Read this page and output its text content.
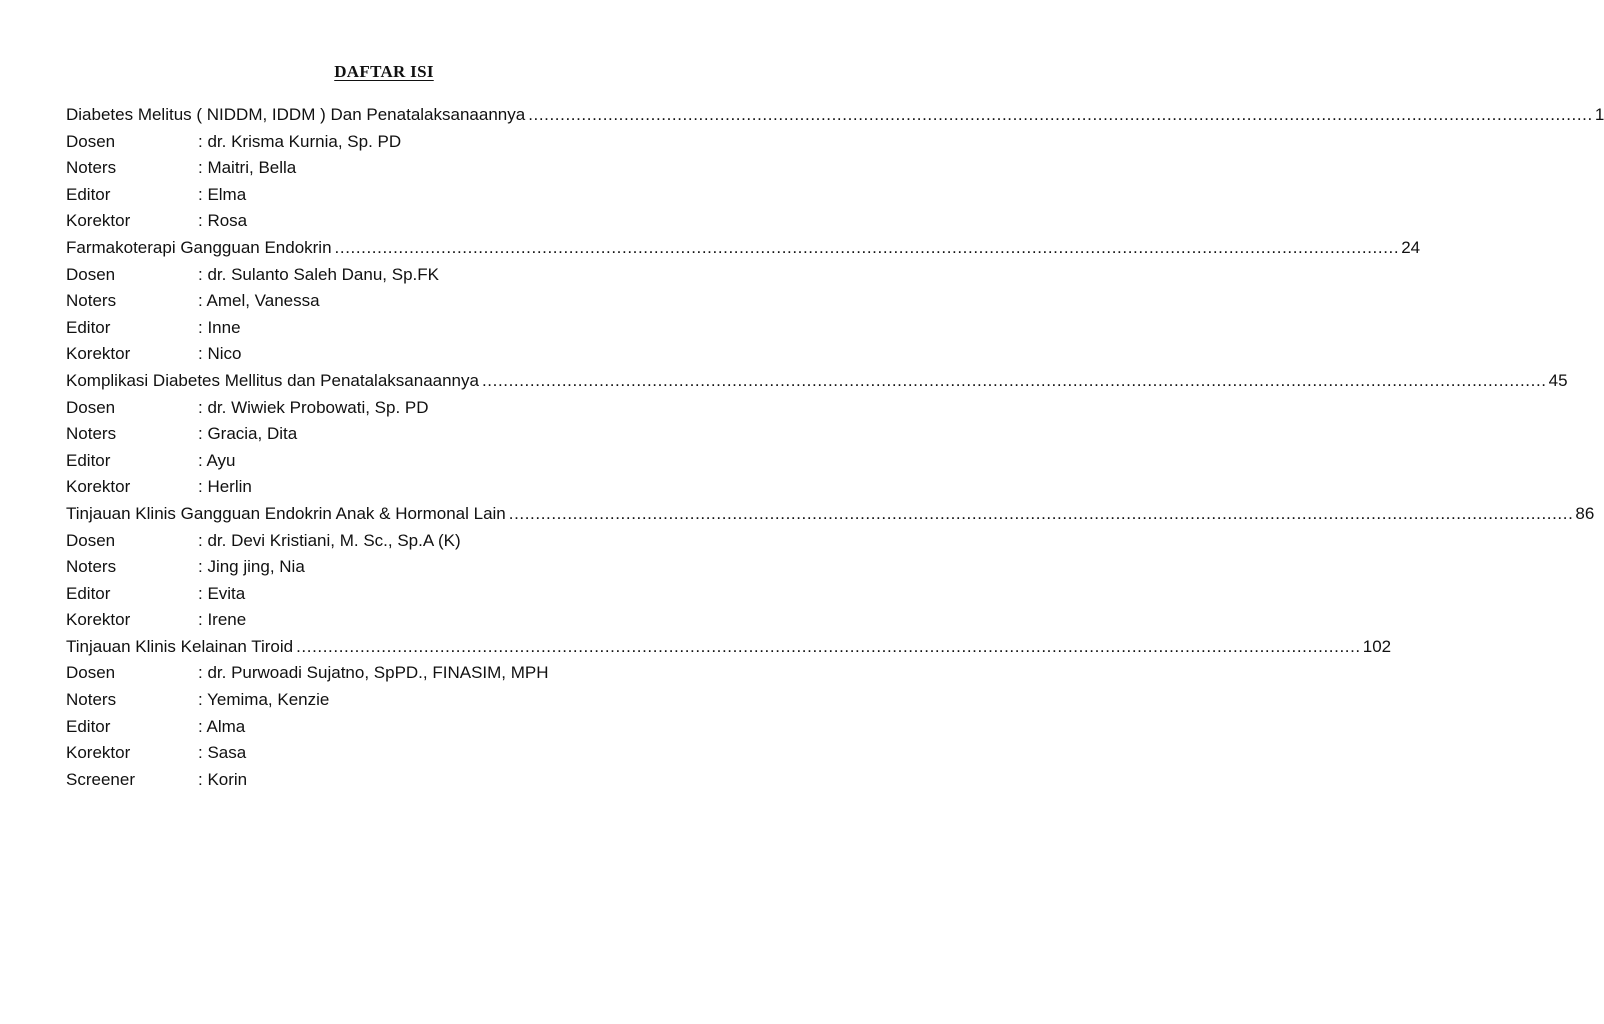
DAFTAR ISI
Diabetes Melitus ( NIDDM, IDDM ) Dan Penatalaksanaannya ........................................................................................................................................................................................................ 1
Dosen	: dr. Krisma Kurnia, Sp. PD
Noters	: Maitri, Bella
Editor	: Elma
Korektor	: Rosa
Farmakoterapi Gangguan Endokrin ........................................................................................................................................................................................................ 24
Dosen	: dr. Sulanto Saleh Danu, Sp.FK
Noters	: Amel, Vanessa
Editor	: Inne
Korektor	: Nico
Komplikasi Diabetes Mellitus dan Penatalaksanaannya ........................................................................................................................................................................................................ 45
Dosen	: dr. Wiwiek Probowati, Sp. PD
Noters	: Gracia, Dita
Editor	: Ayu
Korektor	: Herlin
Tinjauan Klinis Gangguan Endokrin Anak & Hormonal Lain ........................................................................................................................................................................................................ 86
Dosen	: dr. Devi Kristiani, M. Sc., Sp.A (K)
Noters	: Jing jing, Nia
Editor	: Evita
Korektor	: Irene
Tinjauan Klinis Kelainan Tiroid ........................................................................................................................................................................................................ 102
Dosen	: dr. Purwoadi Sujatno, SpPD., FINASIM, MPH
Noters	: Yemima, Kenzie
Editor	: Alma
Korektor	: Sasa
Screener	: Korin
